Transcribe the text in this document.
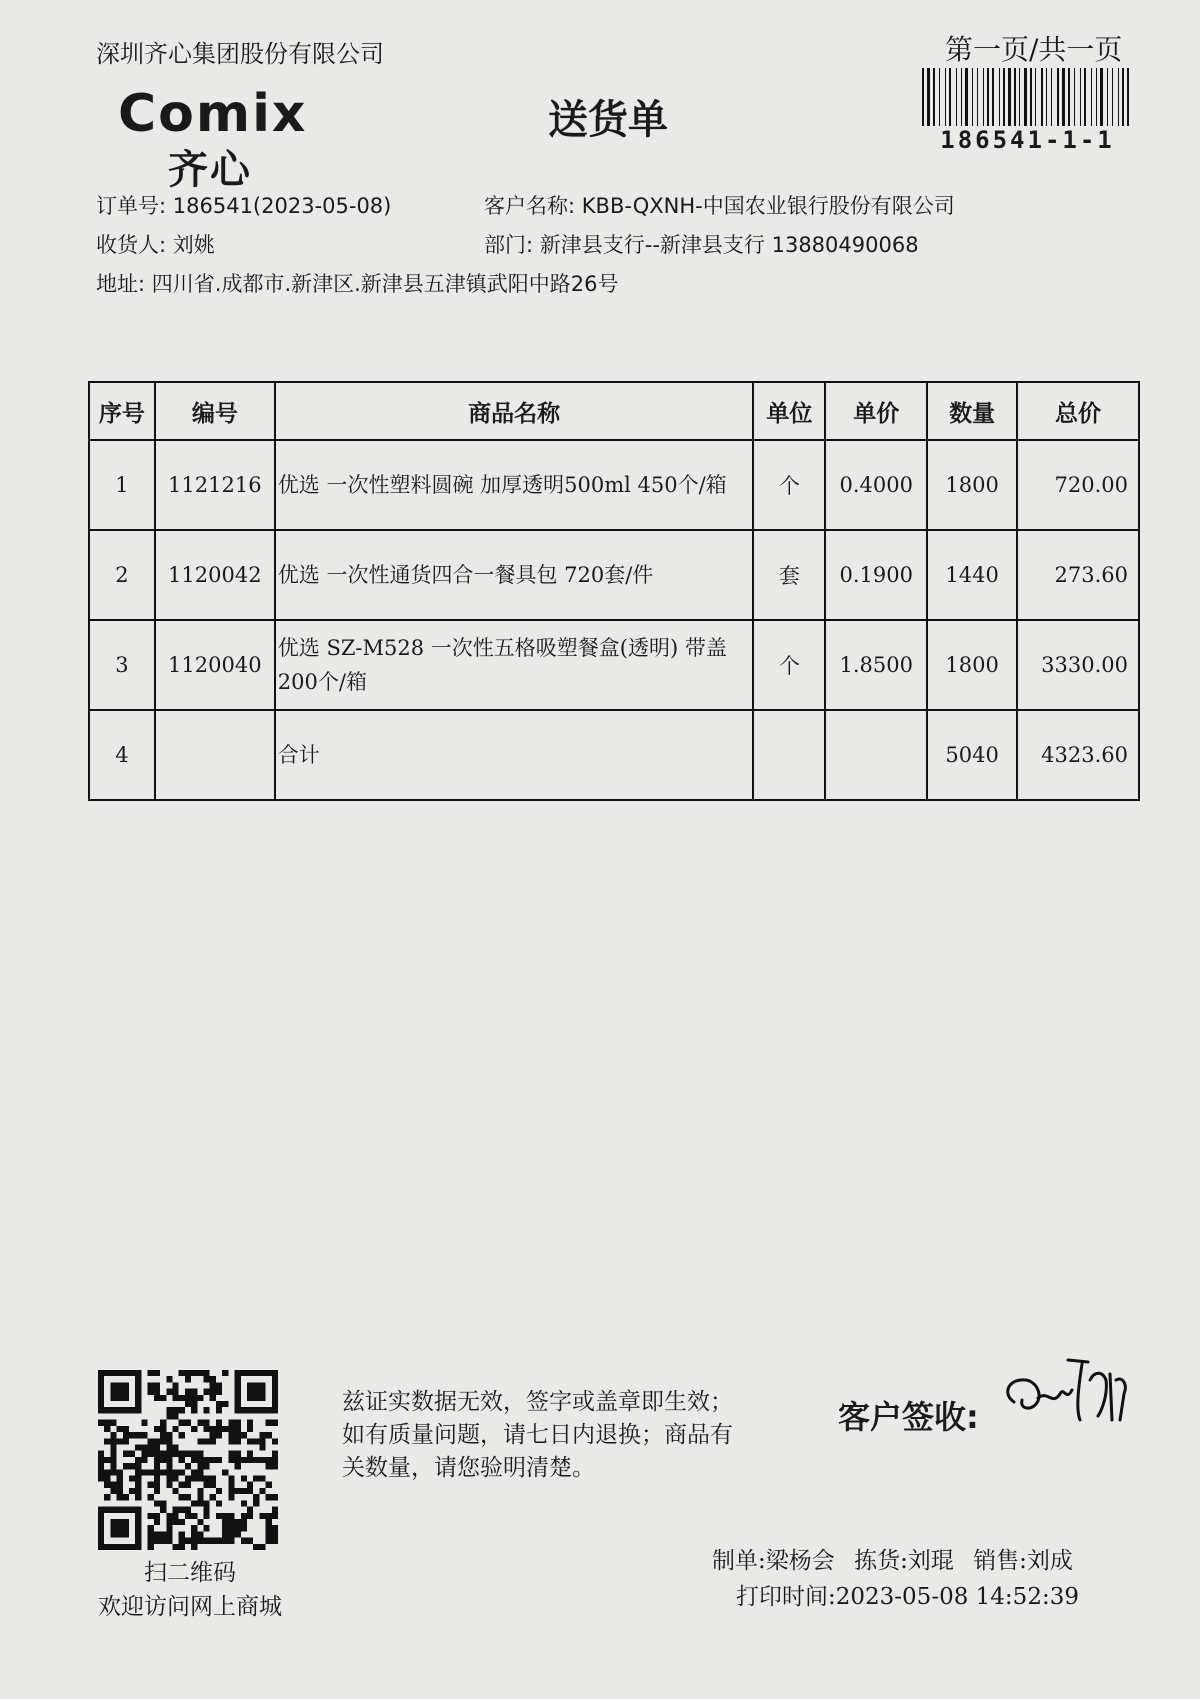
深圳齐心集团股份有限公司	第一页/共一页
186541-1-1
Comix
齐心
送货单
订单号: 186541(2023-05-08)	客户名称: KBB-QXNH-中国农业银行股份有限公司
收货人: 刘姚	部门: 新津县支行--新津县支行 13880490068
地址: 四川省.成都市.新津区.新津县五津镇武阳中路26号
序号	编号	商品名称	单位	单价	数量	总价
1	1121216	优选 一次性塑料圆碗 加厚透明500ml 450个/箱	个	0.4000	1800	720.00
2	1120042	优选 一次性通货四合一餐具包 720套/件	套	0.1900	1440	273.60
3	1120040	优选 SZ-M528 一次性五格吸塑餐盒(透明) 带盖 200个/箱	个	1.8500	1800	3330.00
4		合计			5040	4323.60
扫二维码
欢迎访问网上商城
兹证实数据无效，签字或盖章即生效；如有质量问题，请七日内退换；商品有关数量，请您验明清楚。
客户签收:
制单:梁杨会 拣货:刘琨 销售:刘成
打印时间:2023-05-08 14:52:39
